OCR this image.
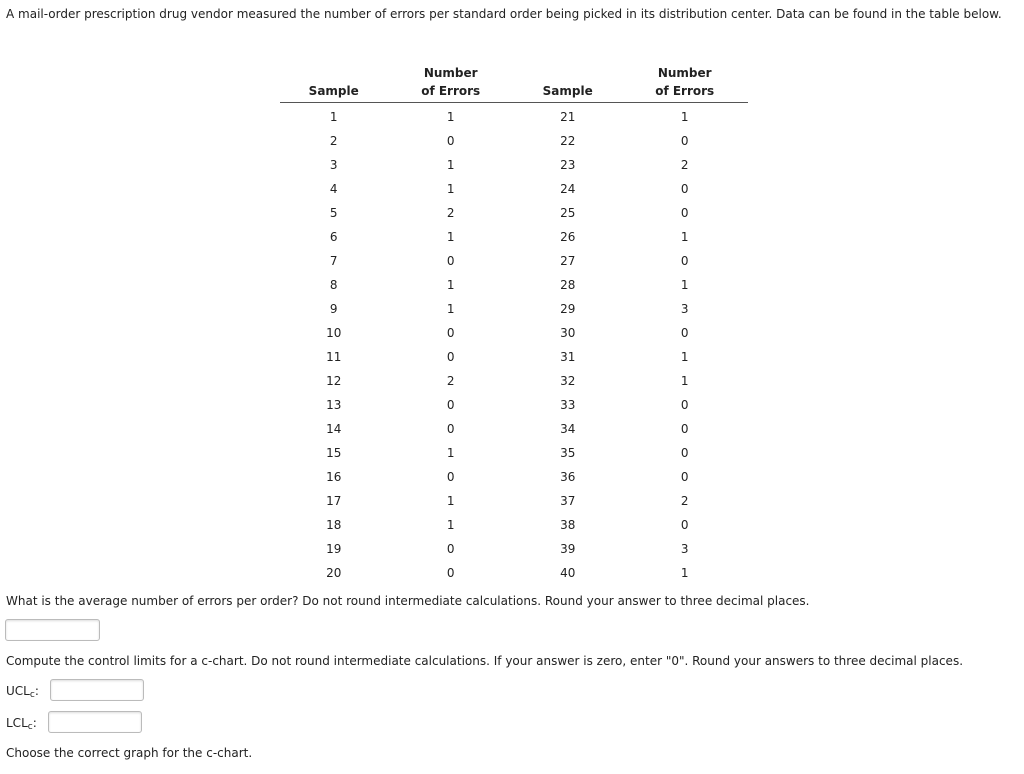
A mail-order prescription drug vendor measured the number of errors per standard order being picked in its distribution center. Data can be found in the table below.
	Number		Number
Sample	of Errors	Sample	of Errors
1	1	21	1
2	0	22	0
3	1	23	2
4	1	24	0
5	2	25	0
6	1	26	1
7	0	27	0
8	1	28	1
9	1	29	3
10	0	30	0
11	0	31	1
12	2	32	1
13	0	33	0
14	0	34	0
15	1	35	0
16	0	36	0
17	1	37	2
18	1	38	0
19	0	39	3
20	0	40	1
What is the average number of errors per order? Do not round intermediate calculations. Round your answer to three decimal places.
Compute the control limits for a c-chart. Do not round intermediate calculations. If your answer is zero, enter "0". Round your answers to three decimal places.
$UCL_c$:
$LCL_c$:
Choose the correct graph for the c-chart.
